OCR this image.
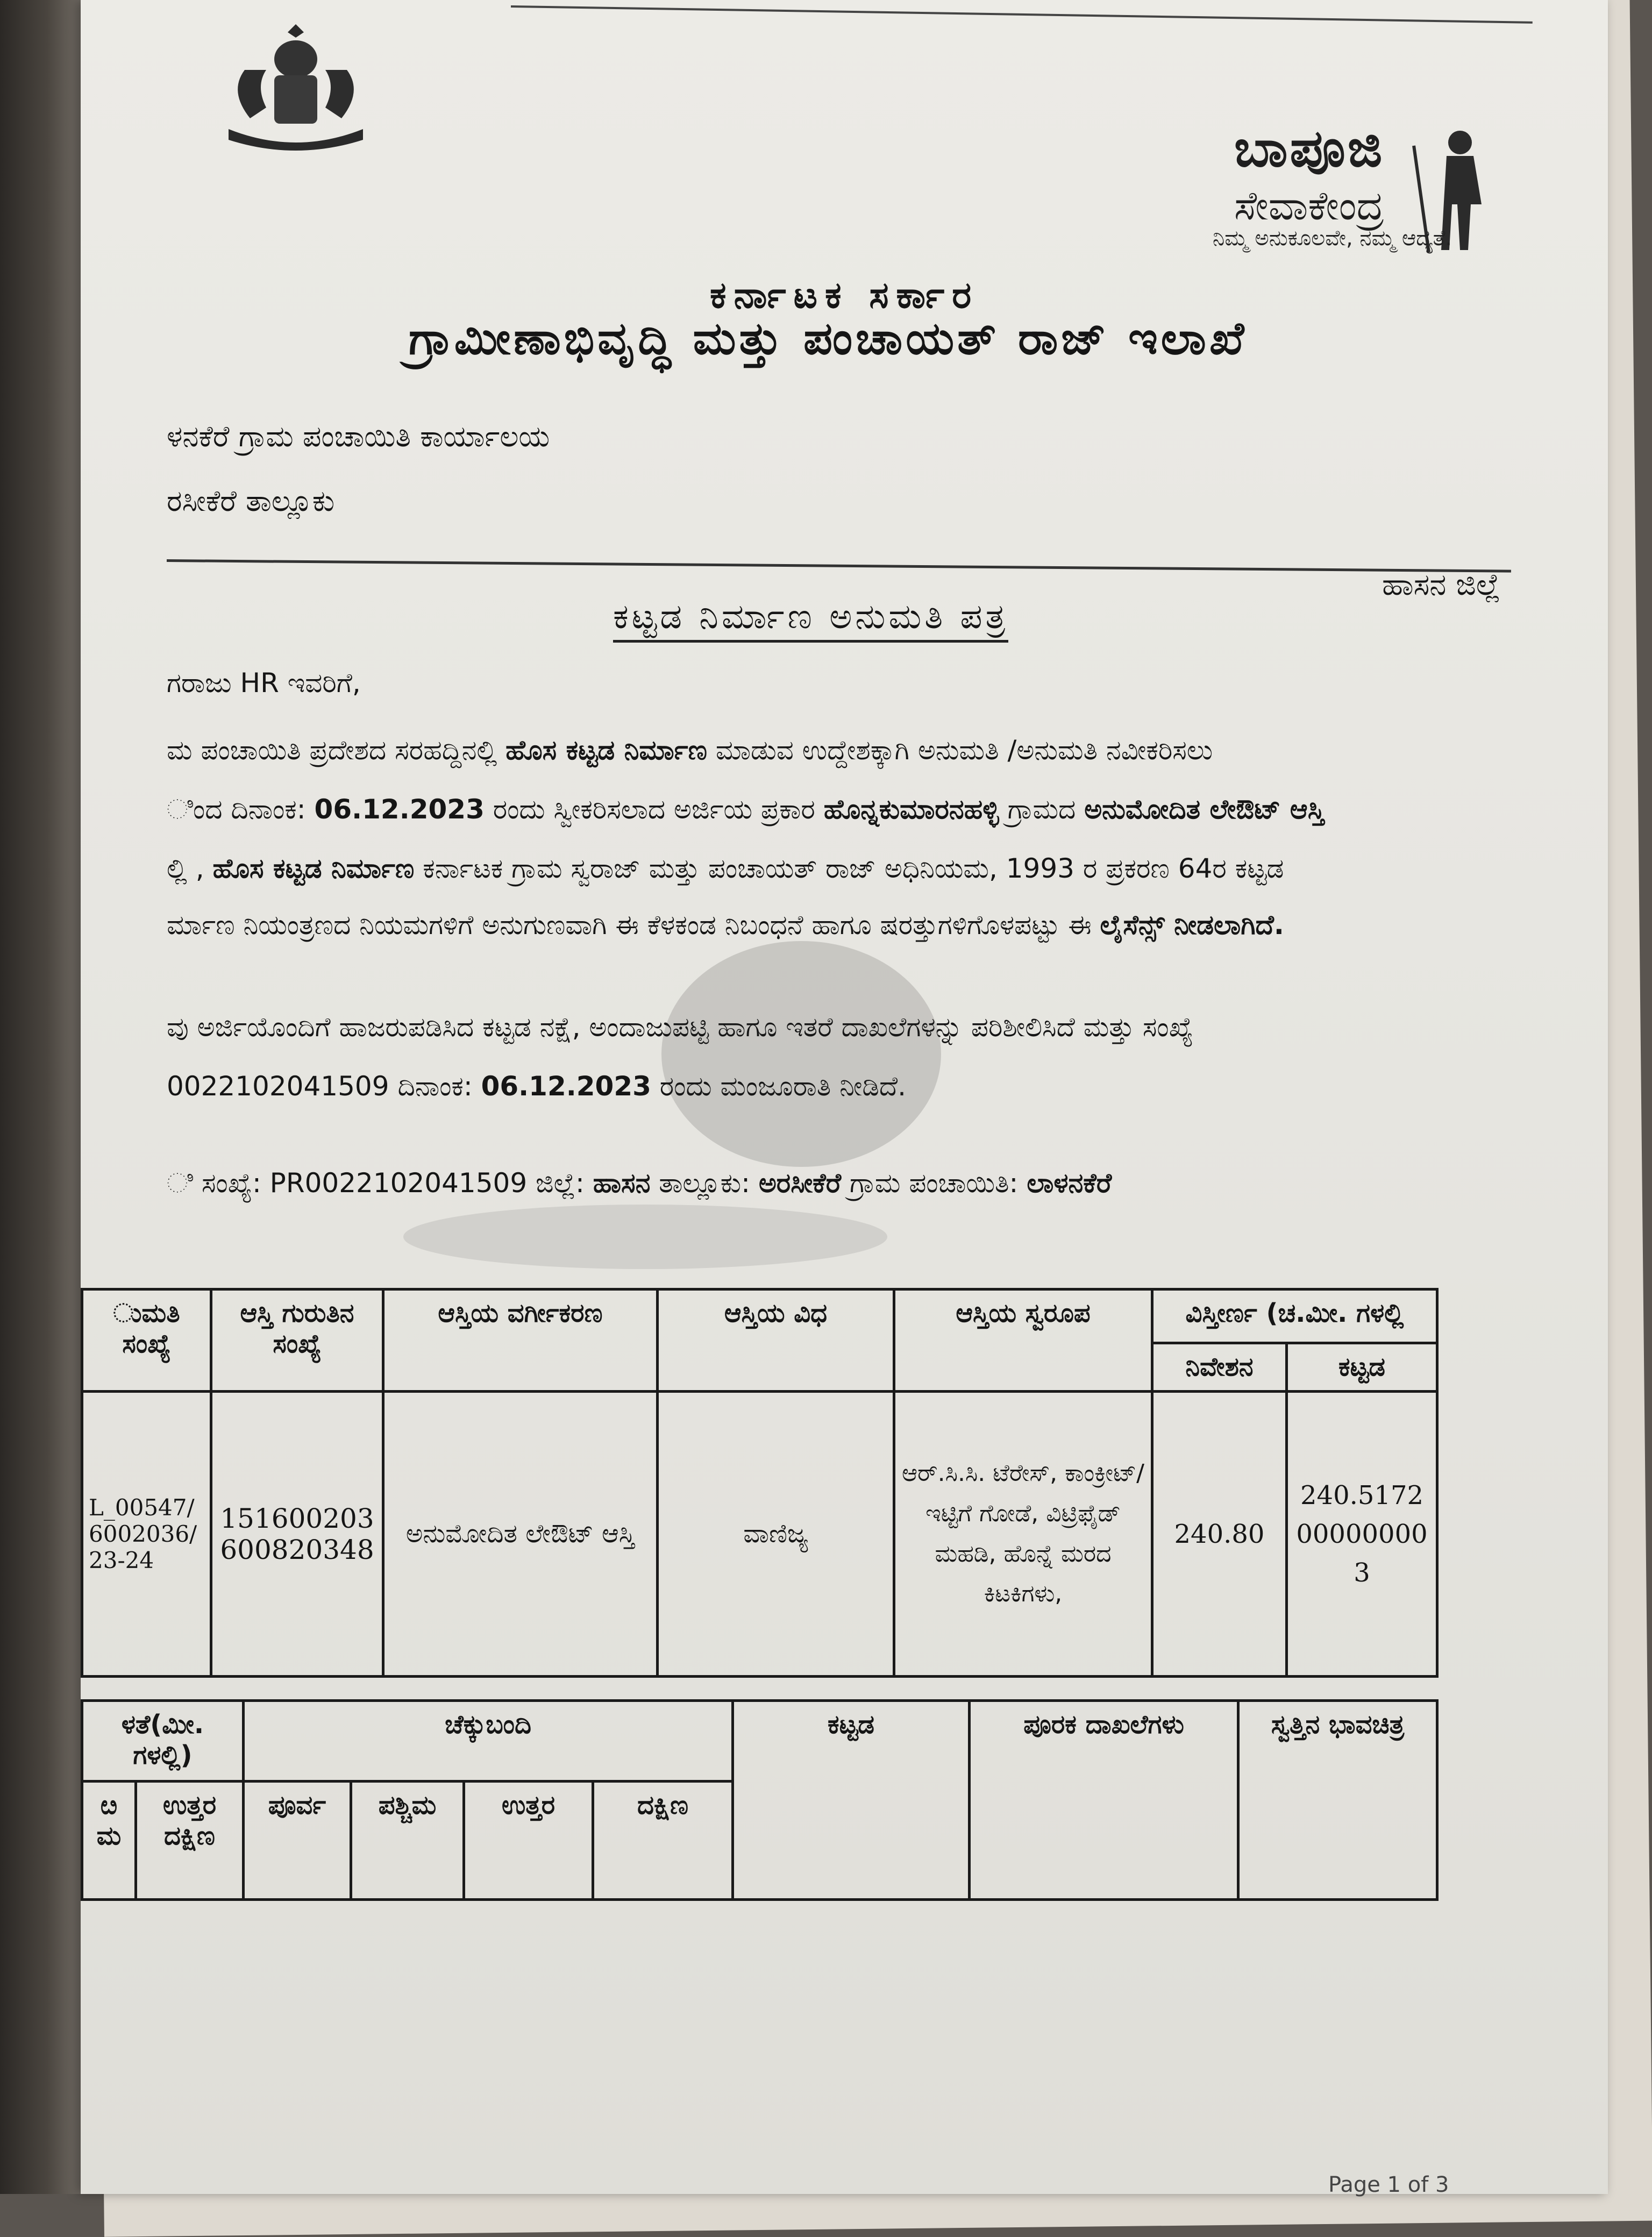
ಬಾಪೂಜಿ
ಸೇವಾಕೇಂದ್ರ
ನಿಮ್ಮ ಅನುಕೂಲವೇ, ನಮ್ಮ ಆದ್ಯತೆ.
ಕರ್ನಾಟಕ ಸರ್ಕಾರ
ಗ್ರಾಮೀಣಾಭಿವೃದ್ಧಿ ಮತ್ತು ಪಂಚಾಯತ್ ರಾಜ್ ಇಲಾಖೆ
ಳನಕೆರೆ ಗ್ರಾಮ ಪಂಚಾಯಿತಿ ಕಾರ್ಯಾಲಯ
ರಸೀಕೆರೆ ತಾಲ್ಲೂಕು
ಹಾಸನ ಜಿಲ್ಲೆ
ಕಟ್ಟಡ ನಿರ್ಮಾಣ ಅನುಮತಿ ಪತ್ರ
ಗರಾಜು HR ಇವರಿಗೆ,
ಮ ಪಂಚಾಯಿತಿ ಪ್ರದೇಶದ ಸರಹದ್ದಿನಲ್ಲಿ ಹೊಸ ಕಟ್ಟಡ ನಿರ್ಮಾಣ ಮಾಡುವ ಉದ್ದೇಶಕ್ಕಾಗಿ ಅನುಮತಿ /ಅನುಮತಿ ನವೀಕರಿಸಲು
ಿಂದ ದಿನಾಂಕ: 06.12.2023 ರಂದು ಸ್ವೀಕರಿಸಲಾದ ಅರ್ಜಿಯ ಪ್ರಕಾರ ಹೊನ್ನಕುಮಾರನಹಳ್ಳಿ ಗ್ರಾಮದ ಅನುಮೋದಿತ ಲೇಔಟ್ ಆಸ್ತಿ
ಲ್ಲಿ , ಹೊಸ ಕಟ್ಟಡ ನಿರ್ಮಾಣ ಕರ್ನಾಟಕ ಗ್ರಾಮ ಸ್ವರಾಜ್ ಮತ್ತು ಪಂಚಾಯತ್ ರಾಜ್ ಅಧಿನಿಯಮ, 1993 ರ ಪ್ರಕರಣ 64ರ ಕಟ್ಟಡ
ರ್ಮಾಣ ನಿಯಂತ್ರಣದ ನಿಯಮಗಳಿಗೆ ಅನುಗುಣವಾಗಿ ಈ ಕೆಳಕಂಡ ನಿಬಂಧನೆ ಹಾಗೂ ಷರತ್ತುಗಳಿಗೊಳಪಟ್ಟು ಈ ಲೈಸೆನ್ಸ್ ನೀಡಲಾಗಿದೆ.
ವು ಅರ್ಜಿಯೊಂದಿಗೆ ಹಾಜರುಪಡಿಸಿದ ಕಟ್ಟಡ ನಕ್ಷೆ, ಅಂದಾಜುಪಟ್ಟಿ ಹಾಗೂ ಇತರೆ ದಾಖಲೆಗಳನ್ನು ಪರಿಶೀಲಿಸಿದೆ ಮತ್ತು ಸಂಖ್ಯೆ
0022102041509 ದಿನಾಂಕ: 06.12.2023 ರಂದು ಮಂಜೂರಾತಿ ನೀಡಿದೆ.
ಿ ಸಂಖ್ಯೆ: PR0022102041509 ಜಿಲ್ಲೆ: ಹಾಸನ ತಾಲ್ಲೂಕು: ಅರಸೀಕೆರೆ ಗ್ರಾಮ ಪಂಚಾಯಿತಿ: ಲಾಳನಕೆರೆ
ುಮತಿ ಸಂಖ್ಯೆ	ಆಸ್ತಿ ಗುರುತಿನ ಸಂಖ್ಯೆ	ಆಸ್ತಿಯ ವರ್ಗೀಕರಣ	ಆಸ್ತಿಯ ವಿಧ	ಆಸ್ತಿಯ ಸ್ವರೂಪ	ವಿಸ್ತೀರ್ಣ (ಚ.ಮೀ. ಗಳಲ್ಲಿ	
					ನಿವೇಶನ	ಕಟ್ಟಡ
L_00547/ 6002036/ 23-24	151600203 600820348	ಅನುಮೋದಿತ ಲೇಔಟ್ ಆಸ್ತಿ	ವಾಣಿಜ್ಯ	ಆರ್.ಸಿ.ಸಿ. ಟೆರೇಸ್, ಕಾಂಕ್ರೀಟ್/ಇಟ್ಟಿಗೆ ಗೋಡೆ, ವಿಟ್ರಿಫೈಡ್ ಮಹಡಿ, ಹೊನ್ನೆ ಮರದ ಕಿಟಕಿಗಳು,	240.80	240.5172 00000000 3
ಳತೆ(ಮೀ. ಗಳಲ್ಲಿ)		ಚೆಕ್ಕುಬಂದಿ				ಕಟ್ಟಡ	ಪೂರಕ ದಾಖಲೆಗಳು	ಸ್ವತ್ತಿನ ಭಾವಚಿತ್ರ
ೞ ಮ	ಉತ್ತರ ದಕ್ಷಿಣ	ಪೂರ್ವ	ಪಶ್ಚಿಮ	ಉತ್ತರ	ದಕ್ಷಿಣ			
Page 1 of 3
